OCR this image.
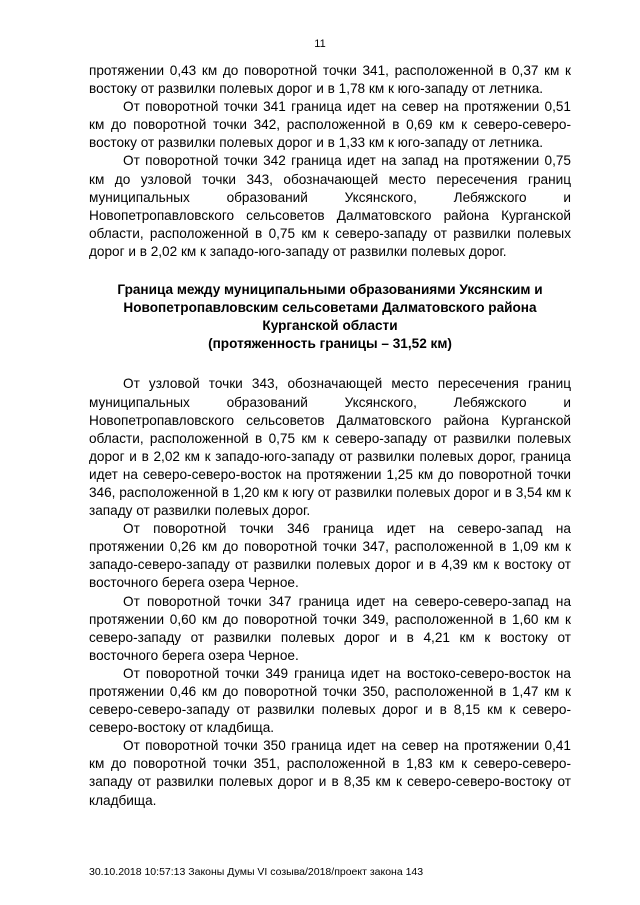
11

протяжении 0,43 км до поворотной точки 341, расположенной в 0,37 км к востоку от развилки полевых дорог и в 1,78 км к юго-западу от летника.

От поворотной точки 341 граница идет на север на протяжении 0,51 км до поворотной точки 342, расположенной в 0,69 км к северо-северо-востоку от развилки полевых дорог и в 1,33 км к юго-западу от летника.

От поворотной точки 342 граница идет на запад на протяжении 0,75 км до узловой точки 343, обозначающей место пересечения границ муниципальных образований Уксянского, Лебяжского и Новопетропавловского сельсоветов Далматовского района Курганской области, расположенной в 0,75 км к северо-западу от развилки полевых дорог и в 2,02 км к западо-юго-западу от развилки полевых дорог.

Граница между муниципальными образованиями Уксянским и
Новопетропавловским сельсоветами Далматовского района
Курганской области
(протяженность границы – 31,52 км)

От узловой точки 343, обозначающей место пересечения границ муниципальных образований Уксянского, Лебяжского и Новопетропавловского сельсоветов Далматовского района Курганской области, расположенной в 0,75 км к северо-западу от развилки полевых дорог и в 2,02 км к западо-юго-западу от развилки полевых дорог, граница идет на северо-северо-восток на протяжении 1,25 км до поворотной точки 346, расположенной в 1,20 км к югу от развилки полевых дорог и в 3,54 км к западу от развилки полевых дорог.

От поворотной точки 346 граница идет на северо-запад на протяжении 0,26 км до поворотной точки 347, расположенной в 1,09 км к западо-северо-западу от развилки полевых дорог и в 4,39 км к востоку от восточного берега озера Черное.

От поворотной точки 347 граница идет на северо-северо-запад на протяжении 0,60 км до поворотной точки 349, расположенной в 1,60 км к северо-западу от развилки полевых дорог и в 4,21 км к востоку от восточного берега озера Черное.

От поворотной точки 349 граница идет на востоко-северо-восток на протяжении 0,46 км до поворотной точки 350, расположенной в 1,47 км к северо-северо-западу от развилки полевых дорог и в 8,15 км к северо-северо-востоку от кладбища.

От поворотной точки 350 граница идет на север на протяжении 0,41 км до поворотной точки 351, расположенной в 1,83 км к северо-северо-западу от развилки полевых дорог и в 8,35 км к северо-северо-востоку от кладбища.

30.10.2018 10:57:13 Законы Думы VI созыва/2018/проект закона 143
